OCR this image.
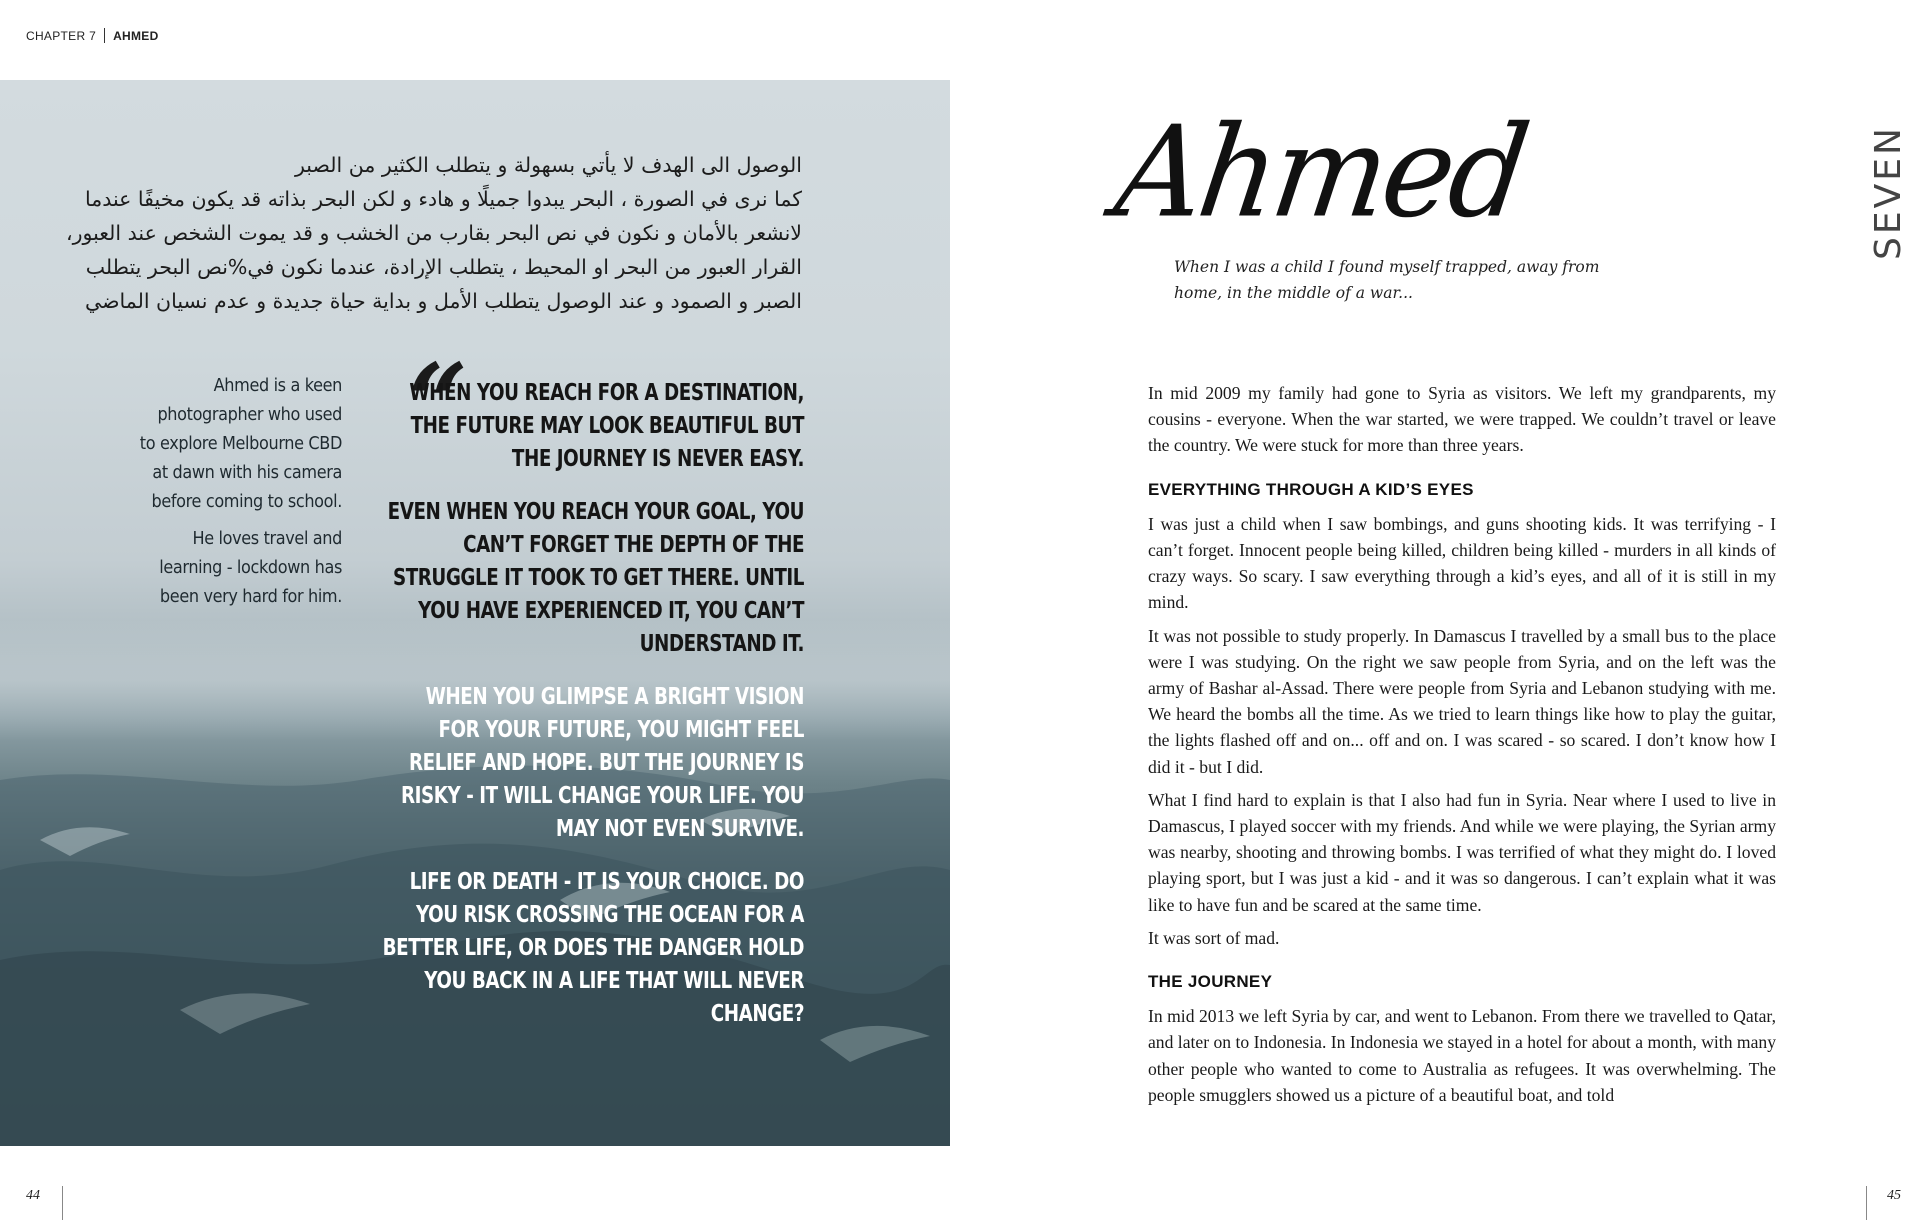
CHAPTER 7 AHMED

الوصول الى الهدف لا يأتي بسهولة و يتطلب الكثير من الصبر

كما نرى في الصورة ، البحر يبدوا جميلًا و هادء و لكن البحر بذاته قد يكون مخيفًا عندما

لانشعر بالأمان و نكون في نص البحر بقارب من الخشب و قد يموت الشخص عند العبور،

القرار العبور من البحر او المحيط ، يتطلب الإرادة، عندما نكون في%نص البحر يتطلب

الصبر و الصمود و عند الوصول يتطلب الأمل و بداية حياة جديدة و عدم نسيان الماضي

Ahmed is a keen photographer who used to explore Melbourne CBD at dawn with his camera before coming to school.

He loves travel and learning - lockdown has been very hard for him.

“

WHEN YOU REACH FOR A DESTINATION, THE FUTURE MAY LOOK BEAUTIFUL BUT THE JOURNEY IS NEVER EASY.

EVEN WHEN YOU REACH YOUR GOAL, YOU CAN’T FORGET THE DEPTH OF THE STRUGGLE IT TOOK TO GET THERE. UNTIL YOU HAVE EXPERIENCED IT, YOU CAN’T UNDERSTAND IT.

WHEN YOU GLIMPSE A BRIGHT VISION FOR YOUR FUTURE, YOU MIGHT FEEL RELIEF AND HOPE. BUT THE JOURNEY IS RISKY - IT WILL CHANGE YOUR LIFE. YOU MAY NOT EVEN SURVIVE.

LIFE OR DEATH - IT IS YOUR CHOICE. DO YOU RISK CROSSING THE OCEAN FOR A BETTER LIFE, OR DOES THE DANGER HOLD YOU BACK IN A LIFE THAT WILL NEVER CHANGE?

Ahmed	SEVEN

When I was a child I found myself trapped, away from home, in the middle of a war...

In mid 2009 my family had gone to Syria as visitors. We left my grandparents, my cousins - everyone. When the war started, we were trapped. We couldn’t travel or leave the country. We were stuck for more than three years.

EVERYTHING THROUGH A KID’S EYES

I was just a child when I saw bombings, and guns shooting kids. It was terrifying - I can’t forget. Innocent people being killed, children being killed - murders in all kinds of crazy ways. So scary. I saw everything through a kid’s eyes, and all of it is still in my mind.

It was not possible to study properly. In Damascus I travelled by a small bus to the place were I was studying. On the right we saw people from Syria, and on the left was the army of Bashar al-Assad. There were people from Syria and Lebanon studying with me. We heard the bombs all the time. As we tried to learn things like how to play the guitar, the lights flashed off and on... off and on. I was scared - so scared. I don’t know how I did it - but I did.

What I find hard to explain is that I also had fun in Syria. Near where I used to live in Damascus, I played soccer with my friends. And while we were playing, the Syrian army was nearby, shooting and throwing bombs. I was terrified of what they might do. I loved playing sport, but I was just a kid - and it was so dangerous. I can’t explain what it was like to have fun and be scared at the same time.

It was sort of mad.

THE JOURNEY

In mid 2013 we left Syria by car, and went to Lebanon. From there we travelled to Qatar, and later on to Indonesia. In Indonesia we stayed in a hotel for about a month, with many other people who wanted to come to Australia as refugees. It was overwhelming. The people smugglers showed us a picture of a beautiful boat, and told

44	45
